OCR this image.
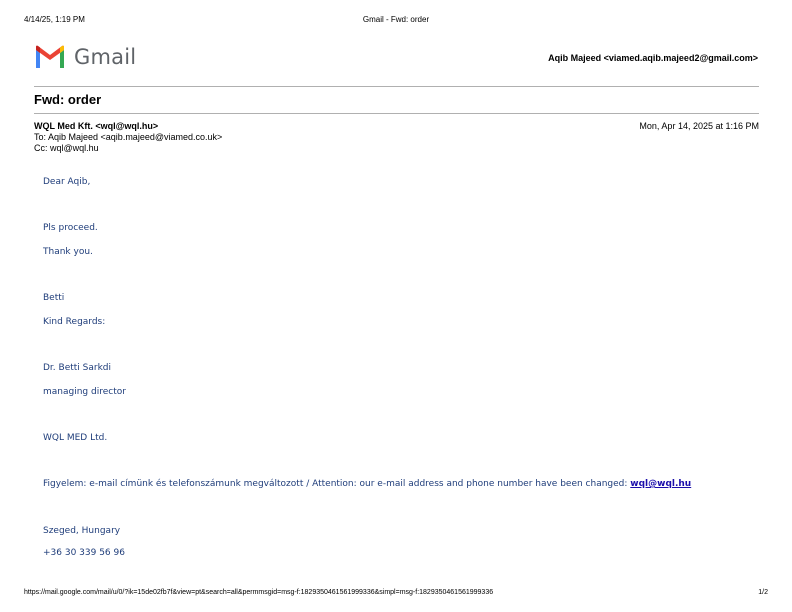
4/14/25, 1:19 PM	Gmail - Fwd: order
Gmail	Aqib Majeed <viamed.aqib.majeed2@gmail.com>
Fwd: order
WQL Med Kft. <wql@wql.hu>	Mon, Apr 14, 2025 at 1:16 PM
To: Aqib Majeed <aqib.majeed@viamed.co.uk>
Cc: wql@wql.hu
Dear Aqib,
Pls proceed.
Thank you.
Betti
Kind Regards:
Dr. Betti Sarkdi
managing director
WQL MED Ltd.
Figyelem: e-mail címünk és telefonszámunk megváltozott / Attention: our e-mail address and phone number have been changed: wql@wql.hu
Szeged, Hungary
+36 30 339 56 96
https://mail.google.com/mail/u/0/?ik=15de02fb7f&view=pt&search=all&permmsgid=msg-f:1829350461561999336&simpl=msg-f:1829350461561999336	1/2
